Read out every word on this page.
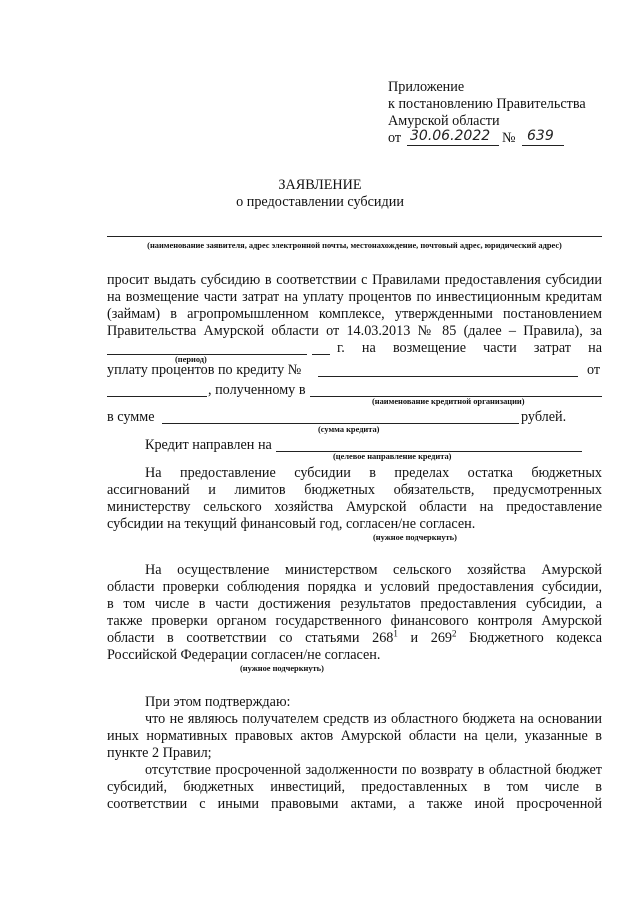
Приложение
к постановлению Правительства
Амурской области
от 30.06.2022 № 639
ЗАЯВЛЕНИЕ
о предоставлении субсидии
(наименование заявителя, адрес электронной почты, местонахождение, почтовый адрес, юридический адрес)
просит выдать субсидию в соответствии с Правилами предоставления субсидии
на возмещение части затрат на уплату процентов по инвестиционным кредитам
(займам) в агропромышленном комплексе, утвержденными постановлением
Правительства Амурской области от 14.03.2013 № 85 (далее – Правила), за
г. на возмещение части затрат на
(период)
уплату процентов по кредиту №	от
, полученному в
(наименование кредитной организации)
в сумме	рублей.
(сумма кредита)
Кредит направлен на
(целевое направление кредита)
На предоставление субсидии в пределах остатка бюджетных
ассигнований и лимитов бюджетных обязательств, предусмотренных
министерству сельского хозяйства Амурской области на предоставление
субсидии на текущий финансовый год, согласен/не согласен.
(нужное подчеркнуть)
На осуществление министерством сельского хозяйства Амурской
области проверки соблюдения порядка и условий предоставления субсидии,
в том числе в части достижения результатов предоставления субсидии, а
также проверки органом государственного финансового контроля Амурской
области в соответствии со статьями $268^1$ и $269^2$ Бюджетного кодекса
Российской Федерации согласен/не согласен.
(нужное подчеркнуть)
При этом подтверждаю:
что не являюсь получателем средств из областного бюджета на основании
иных нормативных правовых актов Амурской области на цели, указанные в
пункте 2 Правил;
отсутствие просроченной задолженности по возврату в областной бюджет
субсидий, бюджетных инвестиций, предоставленных в том числе в
соответствии с иными правовыми актами, а также иной просроченной
